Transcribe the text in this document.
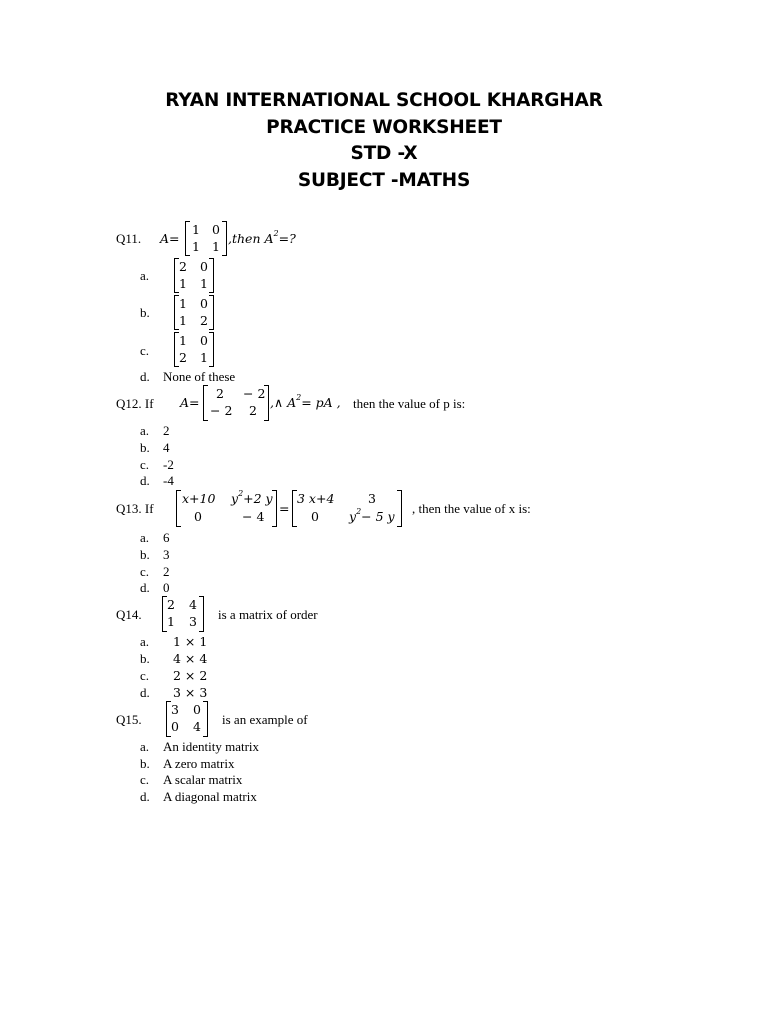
RYAN INTERNATIONAL SCHOOL KHARGHAR
PRACTICE WORKSHEET
STD -X
SUBJECT -MATHS
Q11. A=
1 0
1 1
,then $A^2=$?
a.
2 0
1 1
b.
1 0
1 2
c.
1 0
2 1
d. None of these
Q12. If A=
2 − 2
− 2 2
,∧ $A^2=$ pA , then the value of p is:
a. 2
b. 4
c. -2
d. -4
Q13. If
x+10 $y^2+2$ y
0	− 4
=
3 x+4	3
0 $y^2- 5$ y
, then the value of x is:
a. 6
b. 3
c. 2
d. 0
Q14.
2 4
1 3 is a matrix of order
a. 1 × 1
b. 4 × 4
c. 2 × 2
d. 3 × 3
Q15.
3 0
0 4 is an example of
a. An identity matrix
b. A zero matrix
c. A scalar matrix
d. A diagonal matrix
